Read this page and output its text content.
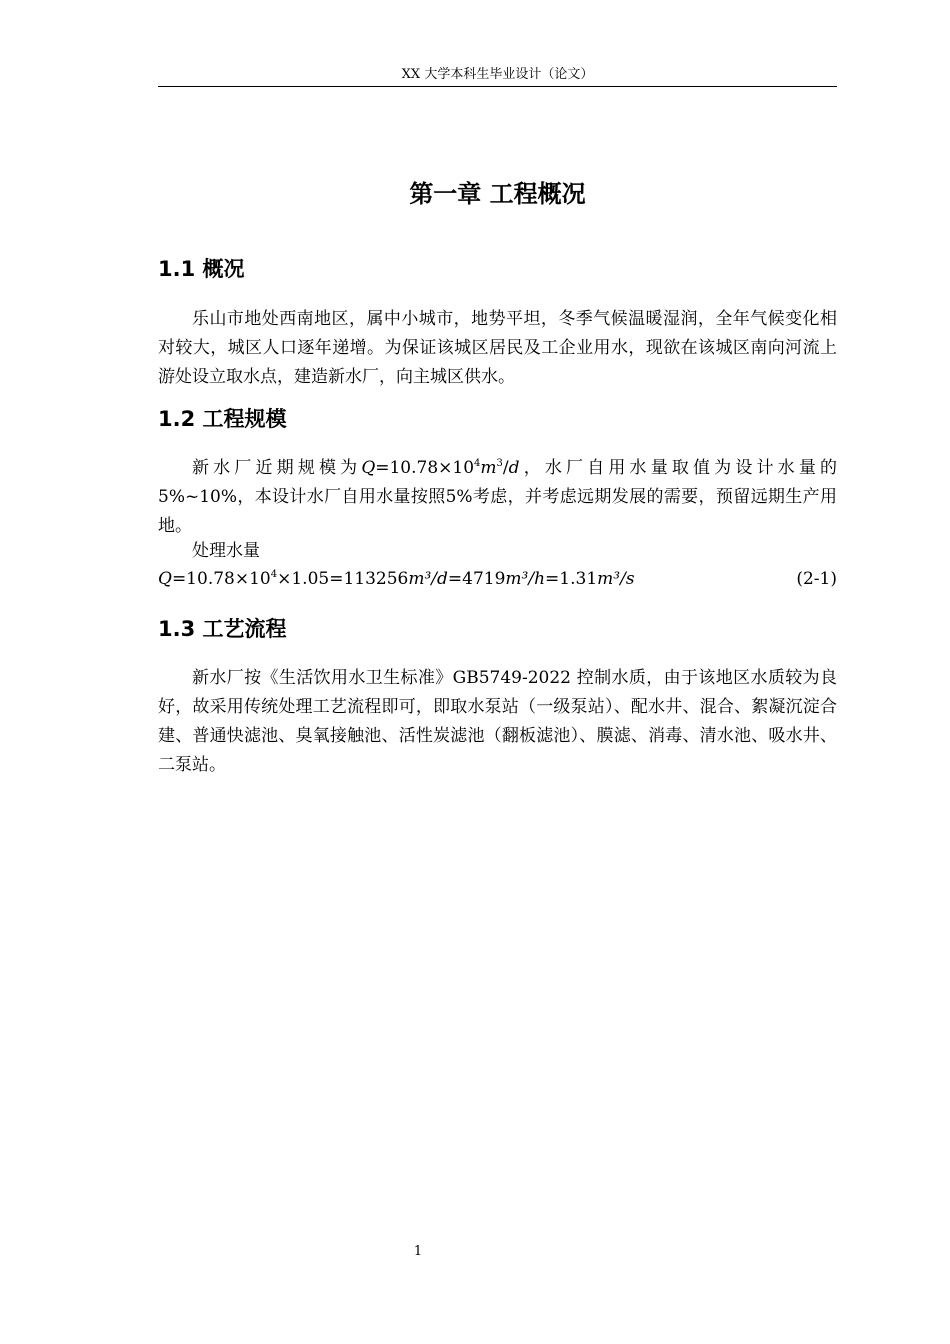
XX 大学本科生毕业设计（论文）
第一章 工程概况
1.1 概况

乐山市地处西南地区，属中小城市，地势平坦，冬季气候温暖湿润，全年气候变化相对较大，城区人口逐年递增。为保证该城区居民及工企业用水，现欲在该城区南向河流上游处设立取水点，建造新水厂，向主城区供水。

1.2 工程规模

新水厂近期规模为$Q=10.78\times 10^4m^3/d$，水厂自用水量取值为设计水量的5%~10%，本设计水厂自用水量按照5%考虑，并考虑远期发展的需要，预留远期生产用地。

处理水量
$Q=10.78\times 10^4\times 1.05=113256m^3/d=4719m^3/h=1.31m^3/s$	(2-1)
1.3 工艺流程

新水厂按《生活饮用水卫生标准》GB5749-2022 控制水质，由于该地区水质较为良好，故采用传统处理工艺流程即可，即取水泵站（一级泵站）、配水井、混合、絮凝沉淀合建、普通快滤池、臭氧接触池、活性炭滤池（翻板滤池）、膜滤、消毒、清水池、吸水井、二泵站。

1
